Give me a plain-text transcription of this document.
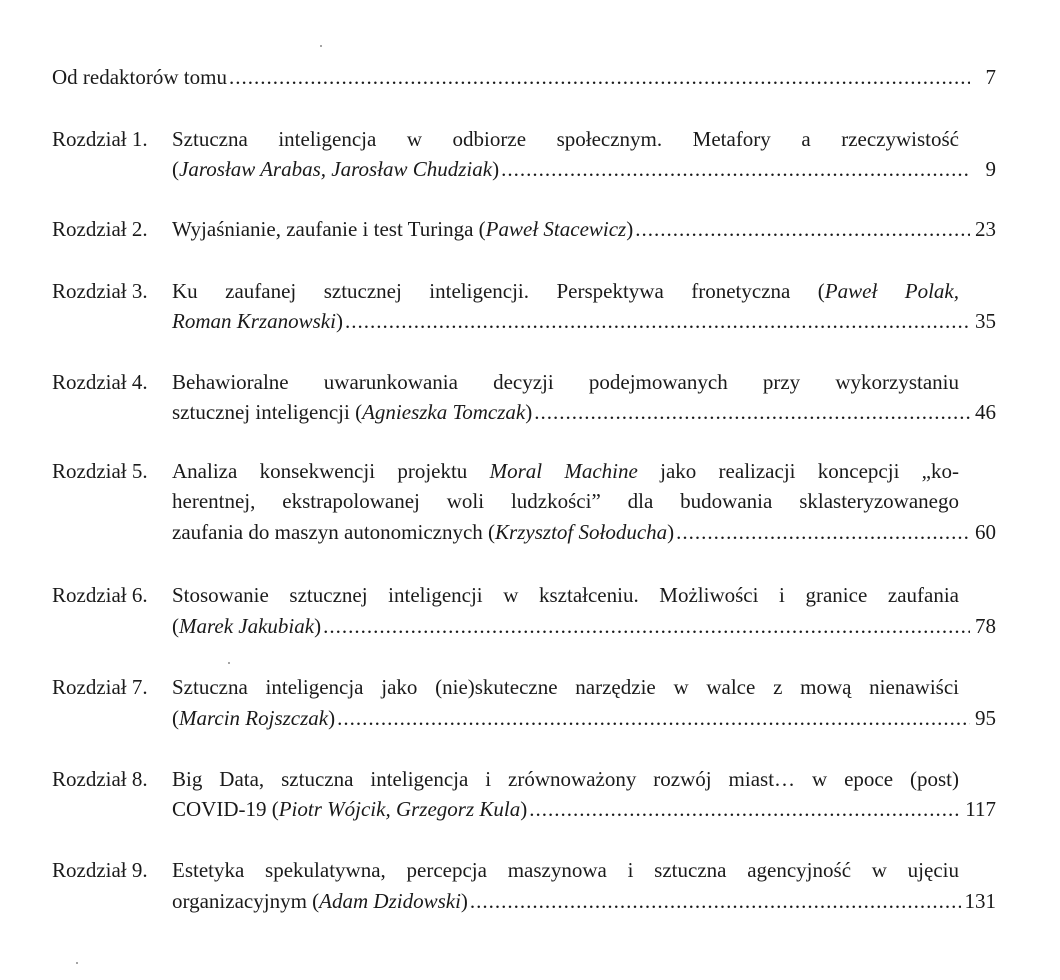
Od redaktorów tomu .....	7
Rozdział 1. Sztuczna inteligencja w odbiorze społecznym. Metafory a rzeczywistość
( Jarosław Arabas, Jarosław Chudziak ) .....	9
Rozdział 2. Wyjaśnianie, zaufanie i test Turinga ( Paweł Stacewicz ) .....	23
Rozdział 3. Ku zaufanej sztucznej inteligencji. Perspektywa fronetyczna (Paweł Polak,
Roman Krzanowski ) .....	35
Rozdział 4. Behawioralne uwarunkowania decyzji podejmowanych przy wykorzystaniu
sztucznej inteligencji ( Agnieszka Tomczak ) .....	46
Rozdział 5. Analiza konsekwencji projektu Moral Machine jako realizacji koncepcji „ko-
herentnej, ekstrapolowanej woli ludzkości” dla budowania sklasteryzowanego
zaufania do maszyn autonomicznych ( Krzysztof Sołoducha ) .....	60
Rozdział 6. Stosowanie sztucznej inteligencji w kształceniu. Możliwości i granice zaufania
( Marek Jakubiak ) .....	78
Rozdział 7. Sztuczna inteligencja jako (nie)skuteczne narzędzie w walce z mową nienawiści
( Marcin Rojszczak ) .....	95
Rozdział 8. Big Data, sztuczna inteligencja i zrównoważony rozwój miast… w epoce (post)
COVID-19 ( Piotr Wójcik, Grzegorz Kula ) .....	117
Rozdział 9. Estetyka spekulatywna, percepcja maszynowa i sztuczna agencyjność w ujęciu
organizacyjnym ( Adam Dzidowski ) .....	131
